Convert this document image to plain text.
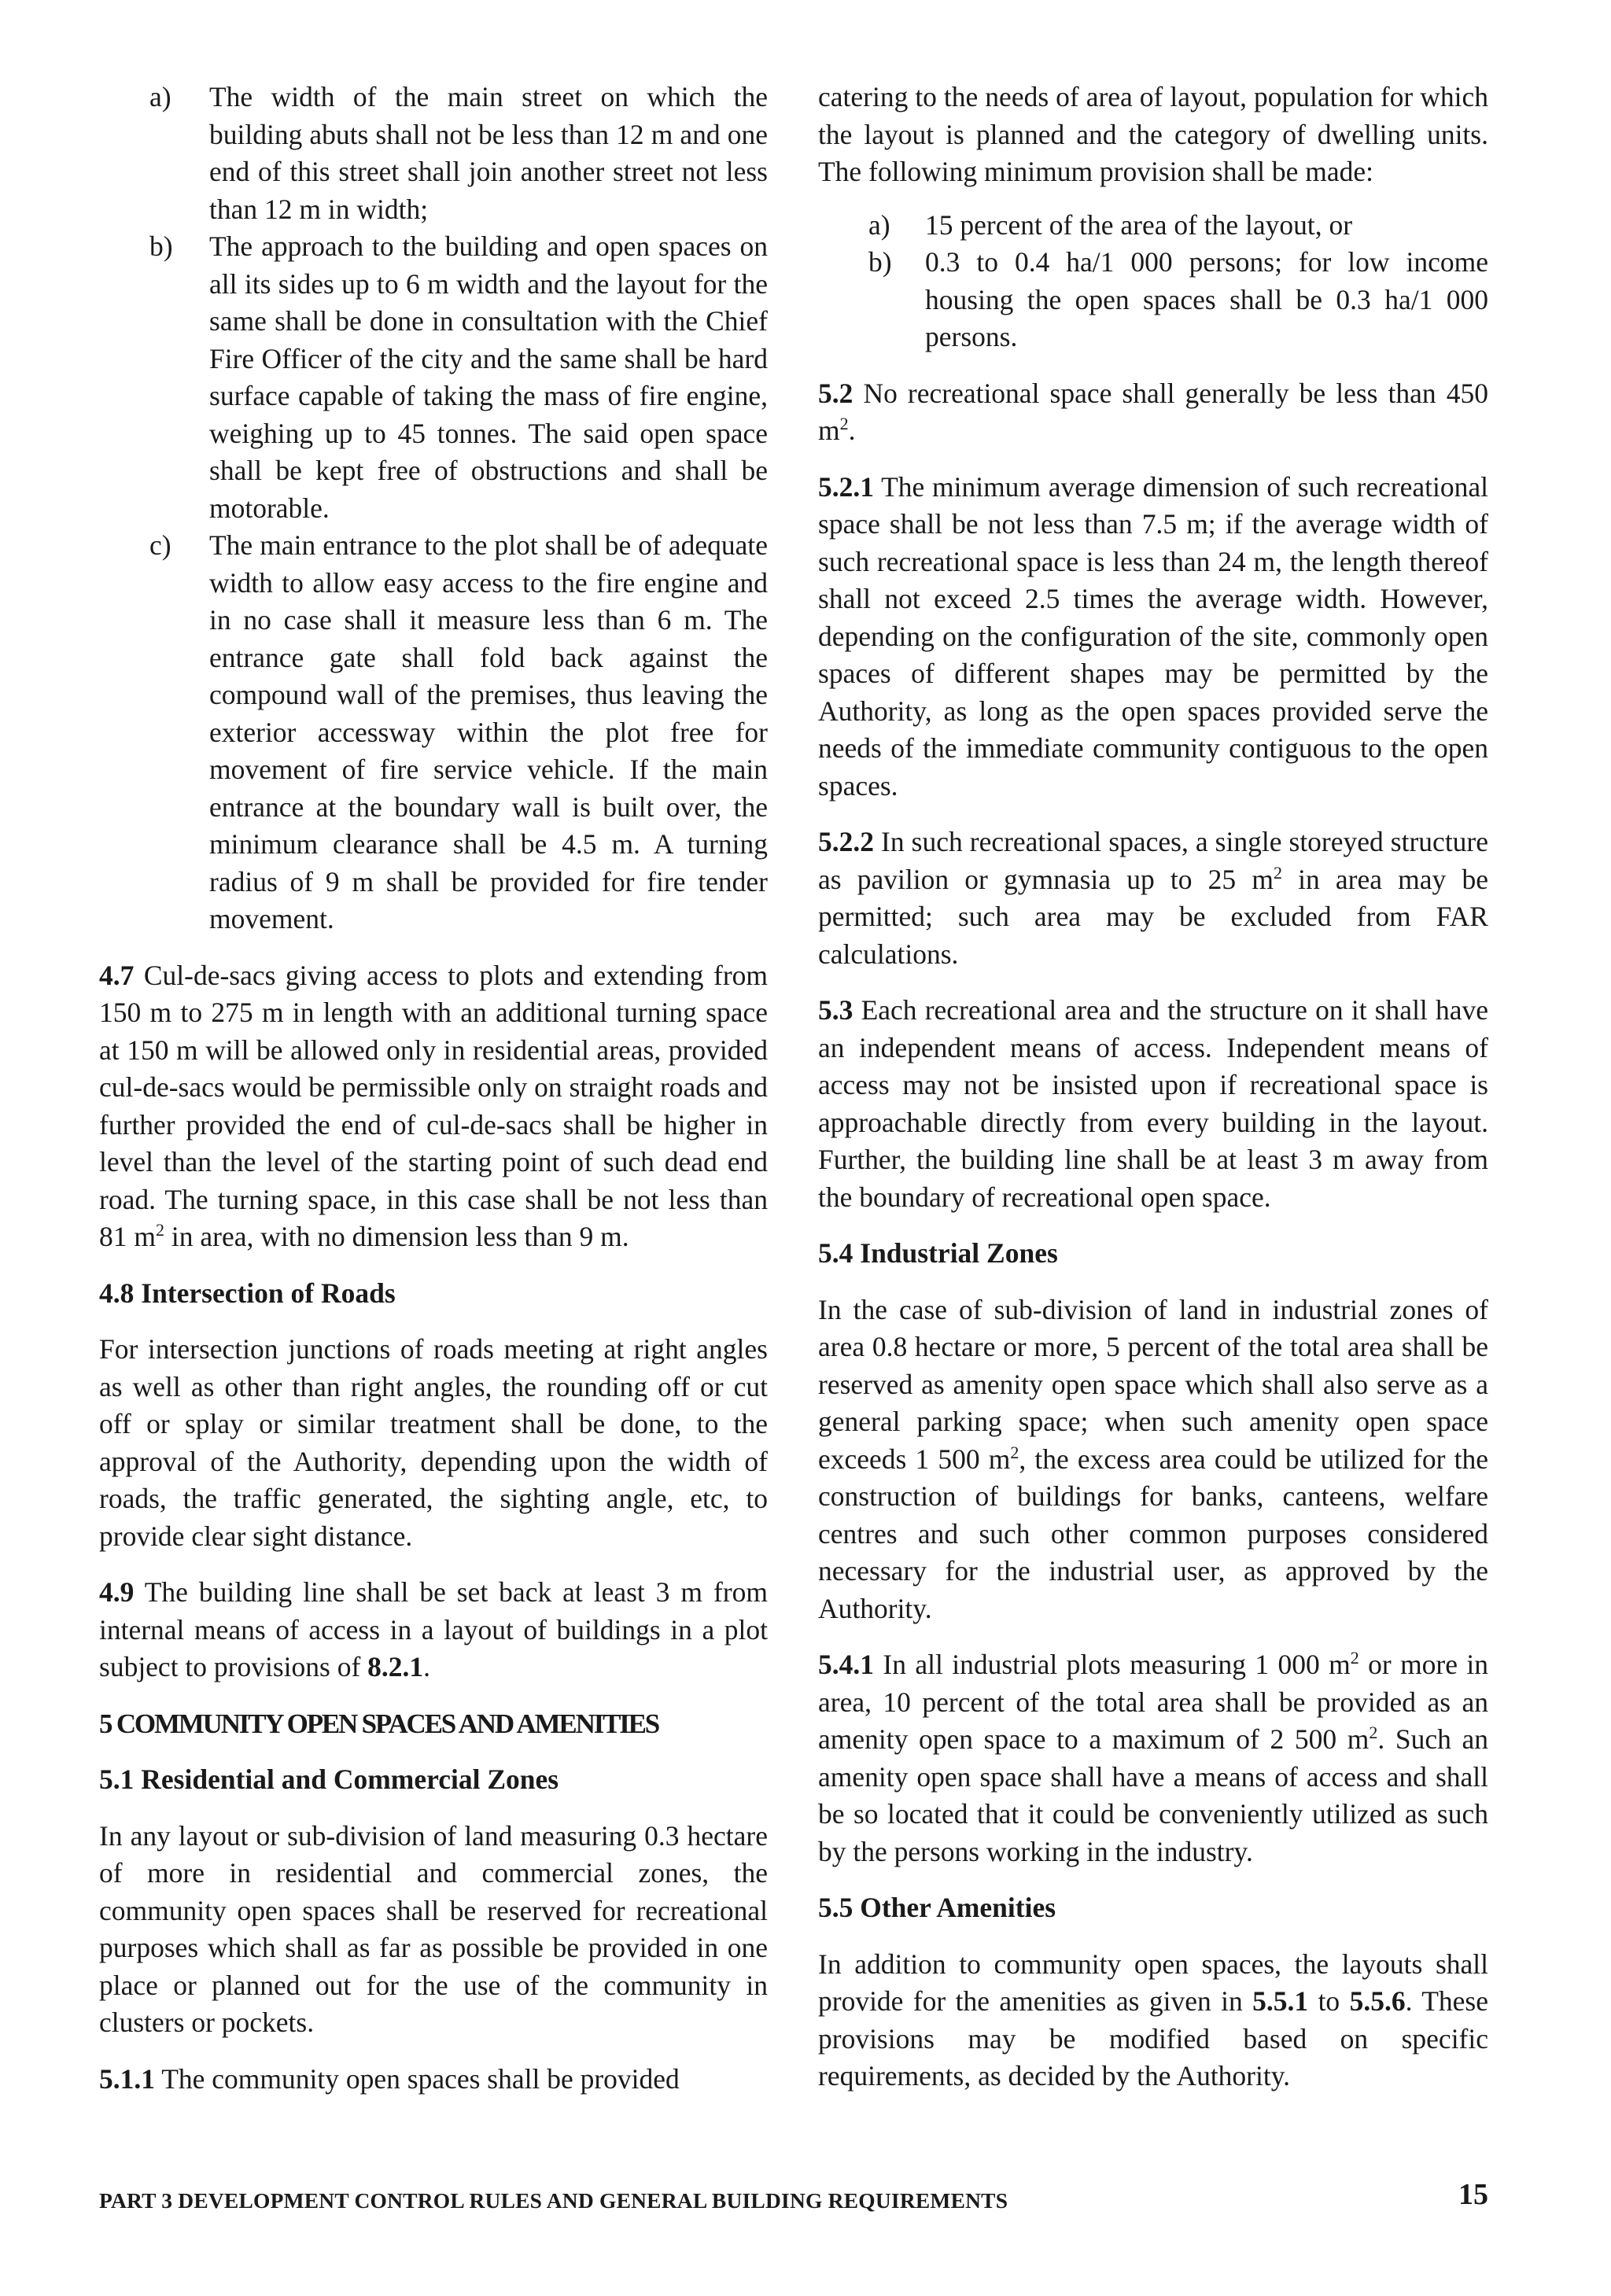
a) The width of the main street on which the building abuts shall not be less than 12 m and one end of this street shall join another street not less than 12 m in width;

b) The approach to the building and open spaces on all its sides up to 6 m width and the layout for the same shall be done in consultation with the Chief Fire Officer of the city and the same shall be hard surface capable of taking the mass of fire engine, weighing up to 45 tonnes. The said open space shall be kept free of obstructions and shall be motorable.

c) The main entrance to the plot shall be of adequate width to allow easy access to the fire engine and in no case shall it measure less than 6 m. The entrance gate shall fold back against the compound wall of the premises, thus leaving the exterior accessway within the plot free for movement of fire service vehicle. If the main entrance at the boundary wall is built over, the minimum clearance shall be 4.5 m. A turning radius of 9 m shall be provided for fire tender movement.

4.7 Cul-de-sacs giving access to plots and extending from 150 m to 275 m in length with an additional turning space at 150 m will be allowed only in residential areas, provided cul-de-sacs would be permissible only on straight roads and further provided the end of cul-de-sacs shall be higher in level than the level of the starting point of such dead end road. The turning space, in this case shall be not less than 81 $m^2$ in area, with no dimension less than 9 m.

4.8 Intersection of Roads

For intersection junctions of roads meeting at right angles as well as other than right angles, the rounding off or cut off or splay or similar treatment shall be done, to the approval of the Authority, depending upon the width of roads, the traffic generated, the sighting angle, etc, to provide clear sight distance.

4.9 The building line shall be set back at least 3 m from internal means of access in a layout of buildings in a plot subject to provisions of 8.2.1.

5 COMMUNITY OPEN SPACES AND AMENITIES
5.1 Residential and Commercial Zones

In any layout or sub-division of land measuring 0.3 hectare of more in residential and commercial zones, the community open spaces shall be reserved for recreational purposes which shall as far as possible be provided in one place or planned out for the use of the community in clusters or pockets.

5.1.1 The community open spaces shall be provided

catering to the needs of area of layout, population for which the layout is planned and the category of dwelling units. The following minimum provision shall be made:

a) 15 percent of the area of the layout, or

b) 0.3 to 0.4 ha/1 000 persons; for low income housing the open spaces shall be 0.3 ha/1 000 persons.

5.2 No recreational space shall generally be less than 450 $m^2$.

5.2.1 The minimum average dimension of such recreational space shall be not less than 7.5 m; if the average width of such recreational space is less than 24 m, the length thereof shall not exceed 2.5 times the average width. However, depending on the configuration of the site, commonly open spaces of different shapes may be permitted by the Authority, as long as the open spaces provided serve the needs of the immediate community contiguous to the open spaces.

5.2.2 In such recreational spaces, a single storeyed structure as pavilion or gymnasia up to 25 $m^2$ in area may be permitted; such area may be excluded from FAR calculations.

5.3 Each recreational area and the structure on it shall have an independent means of access. Independent means of access may not be insisted upon if recreational space is approachable directly from every building in the layout. Further, the building line shall be at least 3 m away from the boundary of recreational open space.

5.4 Industrial Zones

In the case of sub-division of land in industrial zones of area 0.8 hectare or more, 5 percent of the total area shall be reserved as amenity open space which shall also serve as a general parking space; when such amenity open space exceeds 1 500 $m^2$, the excess area could be utilized for the construction of buildings for banks, canteens, welfare centres and such other common purposes considered necessary for the industrial user, as approved by the Authority.

5.4.1 In all industrial plots measuring 1 000 $m^2$ or more in area, 10 percent of the total area shall be provided as an amenity open space to a maximum of 2 500 $m^2$. Such an amenity open space shall have a means of access and shall be so located that it could be conveniently utilized as such by the persons working in the industry.

5.5 Other Amenities

In addition to community open spaces, the layouts shall provide for the amenities as given in 5.5.1 to 5.5.6. These provisions may be modified based on specific requirements, as decided by the Authority.

PART 3 DEVELOPMENT CONTROL RULES AND GENERAL BUILDING REQUIREMENTS	15
